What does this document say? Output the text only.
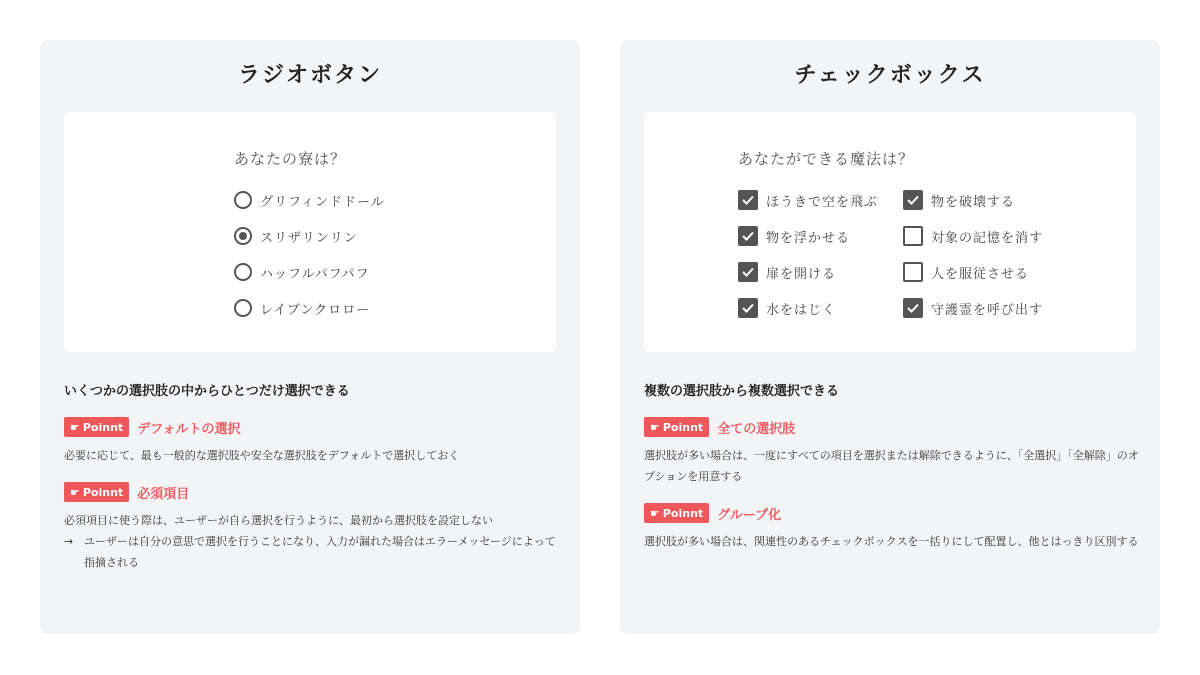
ラジオボタン
あなたの寮は？
グリフィンドドール
スリザリンリン
ハッフルパフパフ
レイブンクロロー
いくつかの選択肢の中からひとつだけ選択できる
☛ Poinnt デフォルトの選択
必要に応じて、最も一般的な選択肢や安全な選択肢をデフォルトで選択しておく
☛ Poinnt 必須項目
必須項目に使う際は、ユーザーが自ら選択を行うように、最初から選択肢を設定しない
→ ユーザーは自分の意思で選択を行うことになり、入力が漏れた場合はエラーメッセージによって指摘される
チェックボックス
あなたができる魔法は？
ほうきで空を飛ぶ	物を破壊する
物を浮かせる	対象の記憶を消す
扉を開ける	人を服従させる
水をはじく	守護霊を呼び出す
複数の選択肢から複数選択できる
☛ Poinnt 全ての選択肢
選択肢が多い場合は、一度にすべての項目を選択または解除できるように、「全選択」「全解除」のオプションを用意する
☛ Poinnt グループ化
選択肢が多い場合は、関連性のあるチェックボックスを一括りにして配置し、他とはっきり区別する
